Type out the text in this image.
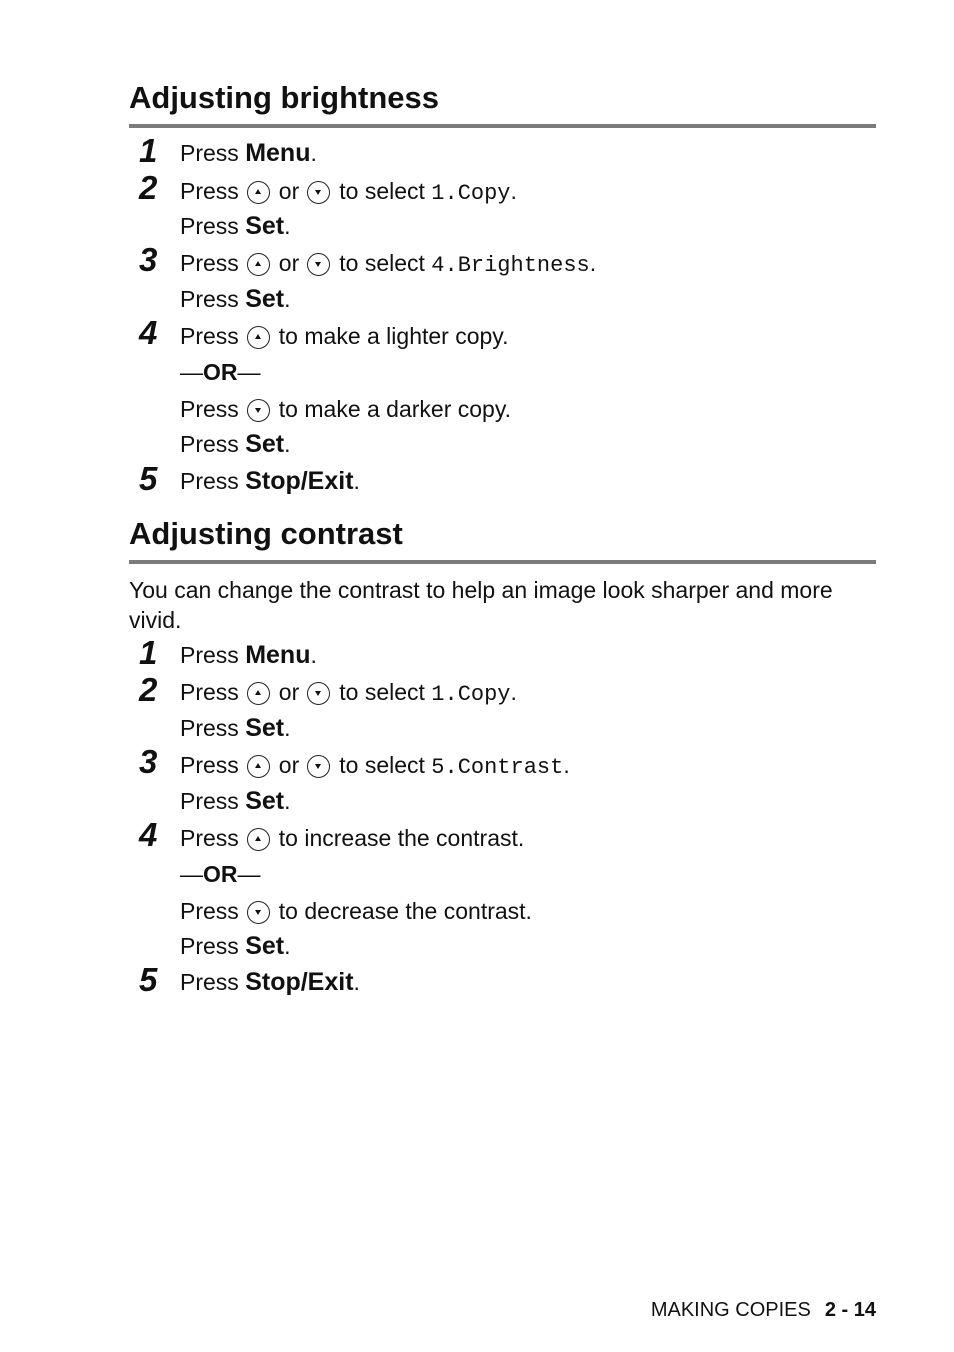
Adjusting brightness
1 Press Menu.
2 Press or to select 1.Copy.
Press Set.
3 Press or to select 4.Brightness.
Press Set.
4 Press to make a lighter copy.
—OR—
Press to make a darker copy.
Press Set.
5 Press Stop/Exit.
Adjusting contrast
You can change the contrast to help an image look sharper and more vivid.
1 Press Menu.
2 Press or to select 1.Copy.
Press Set.
3 Press or to select 5.Contrast.
Press Set.
4 Press to increase the contrast.
—OR—
Press to decrease the contrast.
Press Set.
5 Press Stop/Exit.
MAKING COPIES 2 - 14
